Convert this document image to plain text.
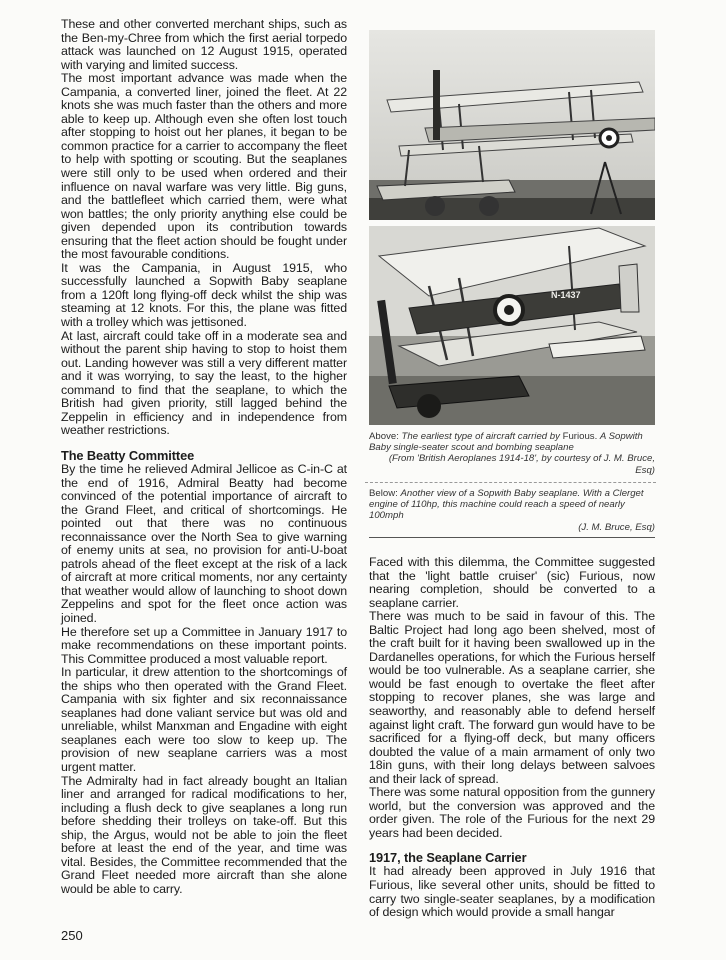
These and other converted merchant ships, such as the Ben-my-Chree from which the first aerial torpedo attack was launched on 12 August 1915, operated with varying and limited success.

The most important advance was made when the Campania, a converted liner, joined the fleet. At 22 knots she was much faster than the others and more able to keep up. Although even she often lost touch after stopping to hoist out her planes, it began to be common practice for a carrier to accompany the fleet to help with spotting or scouting. But the seaplanes were still only to be used when ordered and their influence on naval warfare was very little. Big guns, and the battlefleet which carried them, were what won battles; the only priority anything else could be given depended upon its contribution towards ensuring that the fleet action should be fought under the most favourable conditions.

It was the Campania, in August 1915, who successfully launched a Sopwith Baby seaplane from a 120ft long flying-off deck whilst the ship was steaming at 12 knots. For this, the plane was fitted with a trolley which was jettisoned.

At last, aircraft could take off in a moderate sea and without the parent ship having to stop to hoist them out. Landing however was still a very different matter and it was worrying, to say the least, to the higher command to find that the seaplane, to which the British had given priority, still lagged behind the Zeppelin in efficiency and in independence from weather restrictions.

The Beatty Committee

By the time he relieved Admiral Jellicoe as C-in-C at the end of 1916, Admiral Beatty had become convinced of the potential importance of aircraft to the Grand Fleet, and critical of shortcomings. He pointed out that there was no continuous reconnaissance over the North Sea to give warning of enemy units at sea, no provision for anti-U-boat patrols ahead of the fleet except at the risk of a lack of aircraft at more critical moments, nor any certainty that weather would allow of launching to shoot down Zeppelins and spot for the fleet once action was joined.

He therefore set up a Committee in January 1917 to make recommendations on these important points. This Committee produced a most valuable report.

In particular, it drew attention to the shortcomings of the ships who then operated with the Grand Fleet. Campania with six fighter and six reconnaissance seaplanes had done valiant service but was old and unreliable, whilst Manxman and Engadine with eight seaplanes each were too slow to keep up. The provision of new seaplane carriers was a most urgent matter.

The Admiralty had in fact already bought an Italian liner and arranged for radical modifications to her, including a flush deck to give seaplanes a long run before shedding their trolleys on take-off. But this ship, the Argus, would not be able to join the fleet before at least the end of the year, and time was vital. Besides, the Committee recommended that the Grand Fleet needed more aircraft than she alone would be able to carry.

N-1437

Above: The earliest type of aircraft carried by Furious. A Sopwith Baby single-seater scout and bombing seaplane
(From 'British Aeroplanes 1914-18', by courtesy of J. M. Bruce, Esq)

Below: Another view of a Sopwith Baby seaplane. With a Clerget engine of 110hp, this machine could reach a speed of nearly 100mph
(J. M. Bruce, Esq)

Faced with this dilemma, the Committee suggested that the 'light battle cruiser' (sic) Furious, now nearing completion, should be converted to a seaplane carrier.

There was much to be said in favour of this. The Baltic Project had long ago been shelved, most of the craft built for it having been swallowed up in the Dardanelles operations, for which the Furious herself would be too vulnerable. As a seaplane carrier, she would be fast enough to overtake the fleet after stopping to recover planes, she was large and seaworthy, and reasonably able to defend herself against light craft. The forward gun would have to be sacrificed for a flying-off deck, but many officers doubted the value of a main armament of only two 18in guns, with their long delays between salvoes and their lack of spread.

There was some natural opposition from the gunnery world, but the conversion was approved and the order given. The role of the Furious for the next 29 years had been decided.

1917, the Seaplane Carrier

It had already been approved in July 1916 that Furious, like several other units, should be fitted to carry two single-seater seaplanes, by a modification of design which would provide a small hangar

250
